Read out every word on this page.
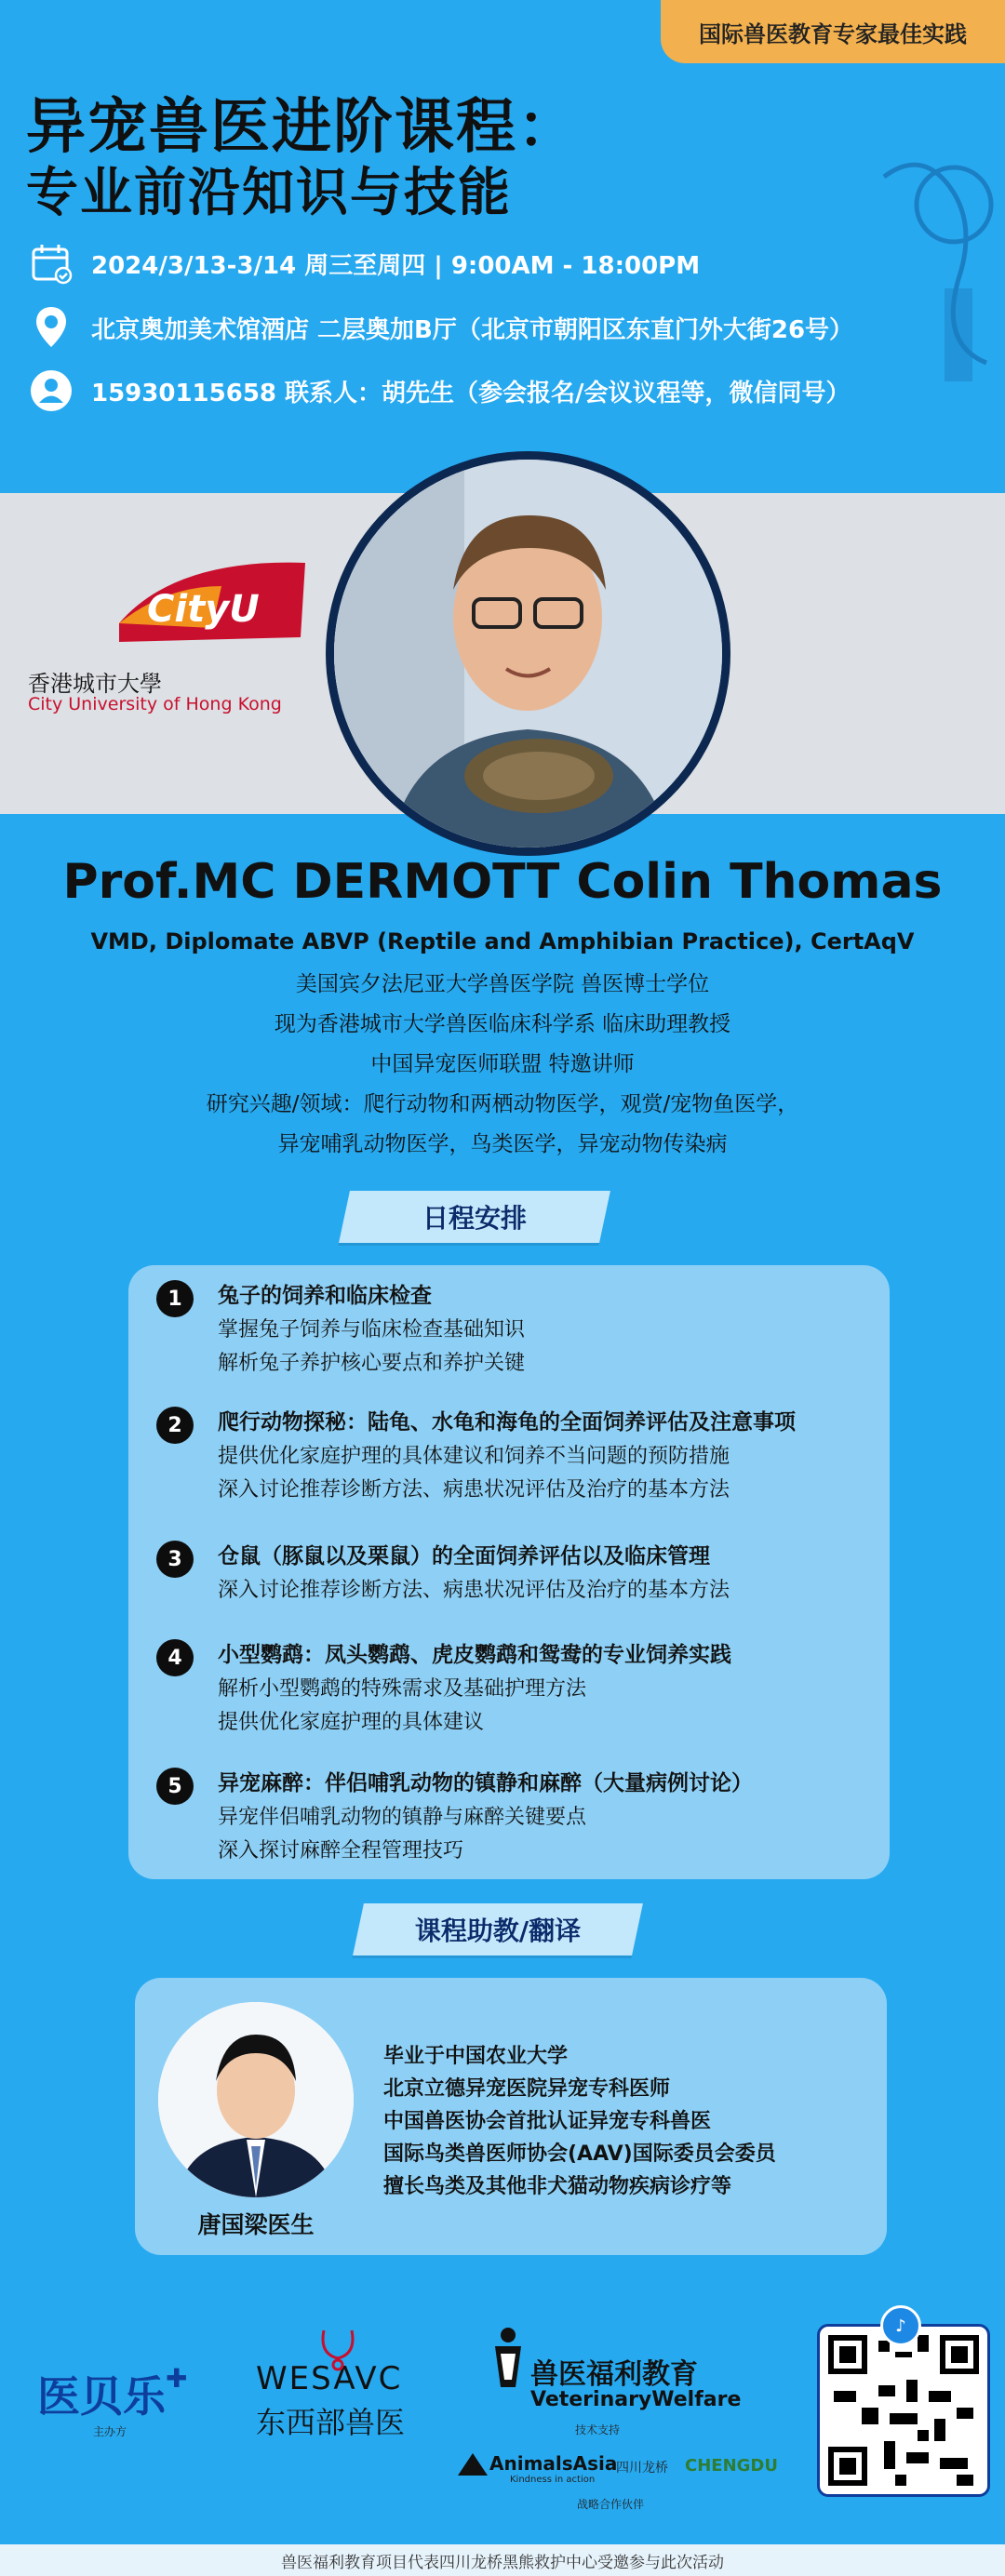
国际兽医教育专家最佳实践
异宠兽医进阶课程：
专业前沿知识与技能
2024/3/13-3/14 周三至周四 | 9:00AM - 18:00PM
北京奥加美术馆酒店 二层奥加B厅（北京市朝阳区东直门外大街26号）
15930115658 联系人：胡先生（参会报名/会议议程等，微信同号）
CityU
香港城市大學
City University of Hong Kong
Prof.MC DERMOTT Colin Thomas
VMD, Diplomate ABVP (Reptile and Amphibian Practice), CertAqV
美国宾夕法尼亚大学兽医学院 兽医博士学位
现为香港城市大学兽医临床科学系 临床助理教授
中国异宠医师联盟 特邀讲师
研究兴趣/领域：爬行动物和两栖动物医学，观赏/宠物鱼医学，
异宠哺乳动物医学，鸟类医学，异宠动物传染病
日程安排
1	兔子的饲养和临床检查
掌握兔子饲养与临床检查基础知识
解析兔子养护核心要点和养护关键
2	爬行动物探秘：陆龟、水龟和海龟的全面饲养评估及注意事项
提供优化家庭护理的具体建议和饲养不当问题的预防措施
深入讨论推荐诊断方法、病患状况评估及治疗的基本方法
3	仓鼠（豚鼠以及栗鼠）的全面饲养评估以及临床管理
深入讨论推荐诊断方法、病患状况评估及治疗的基本方法
4	小型鹦鹉：凤头鹦鹉、虎皮鹦鹉和鸳鸯的专业饲养实践
解析小型鹦鹉的特殊需求及基础护理方法
提供优化家庭护理的具体建议
5	异宠麻醉：伴侣哺乳动物的镇静和麻醉（大量病例讨论）
异宠伴侣哺乳动物的镇静与麻醉关键要点
深入探讨麻醉全程管理技巧
课程助教/翻译
唐国梁医生
毕业于中国农业大学
北京立德异宠医院异宠专科医师
中国兽医协会首批认证异宠专科兽医
国际鸟类兽医师协会(AAV)国际委员会委员
擅长鸟类及其他非犬猫动物疾病诊疗等
医贝乐✚
主办方
WESAVC
东西部兽医
兽医福利教育
VeterinaryWelfare
技术支持
AnimalsAsia
Kindness in action
四川龙桥 CHENGDU
战略合作伙伴
♪
兽医福利教育项目代表四川龙桥黑熊救护中心受邀参与此次活动
